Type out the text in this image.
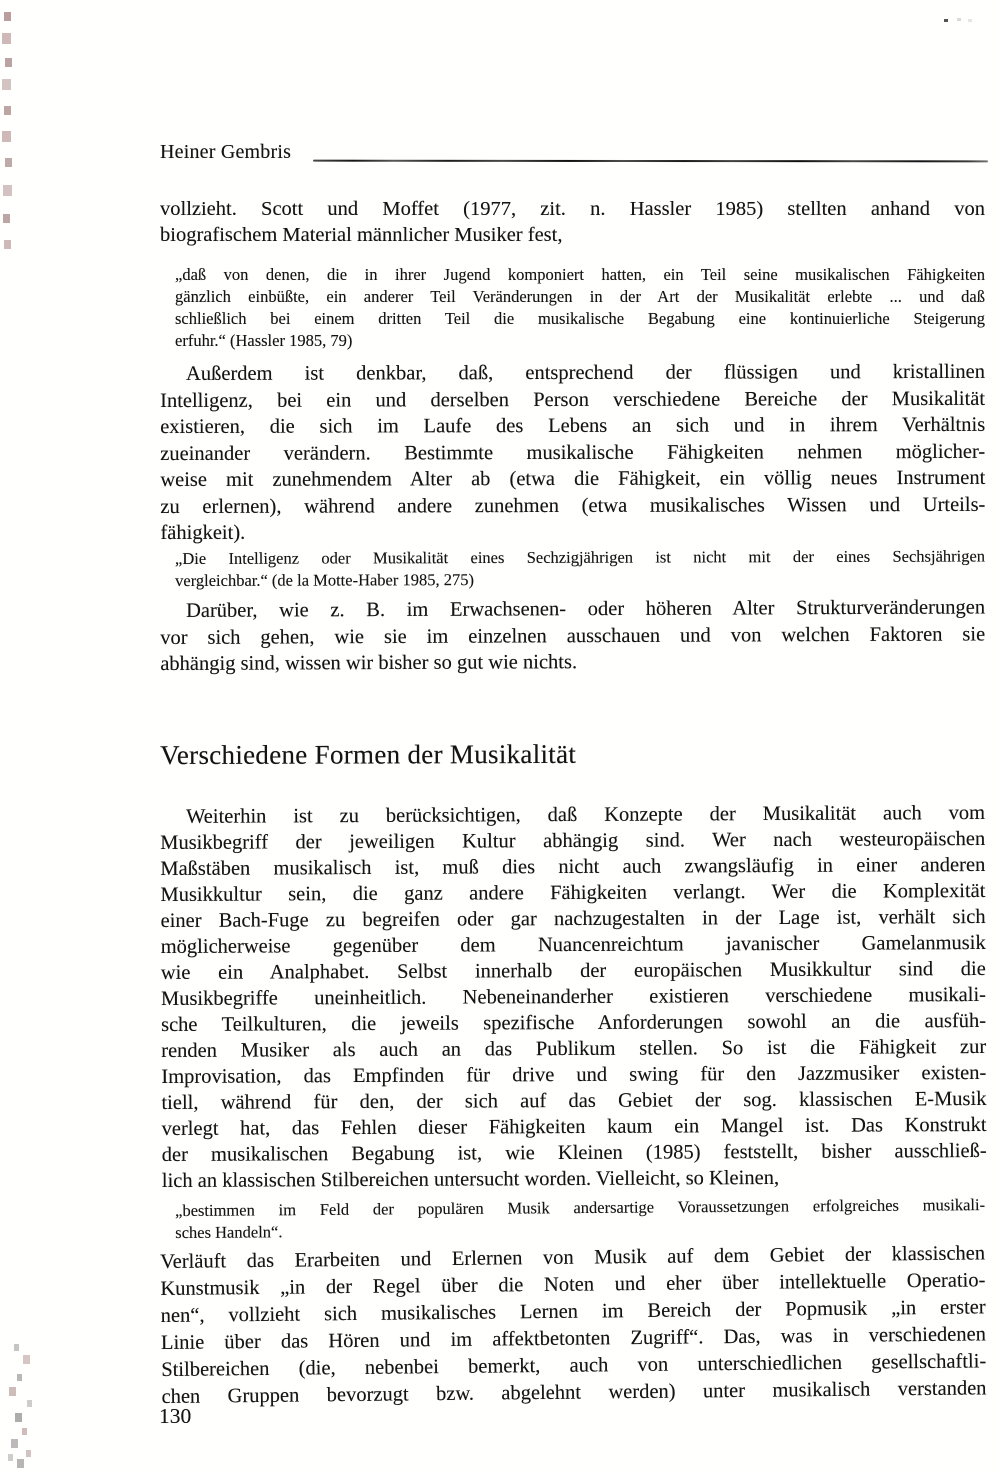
Heiner Gembris
vollzieht. Scott und Moffet (1977, zit. n. Hassler 1985) stellten anhand von
biografischem Material männlicher Musiker fest,
„daß von denen, die in ihrer Jugend komponiert hatten, ein Teil seine musikalischen Fähigkeiten
gänzlich einbüßte, ein anderer Teil Veränderungen in der Art der Musikalität erlebte ... und daß
schließlich bei einem dritten Teil die musikalische Begabung eine kontinuierliche Steigerung
erfuhr.“ (Hassler 1985, 79)
Außerdem ist denkbar, daß, entsprechend der flüssigen und kristallinen
Intelligenz, bei ein und derselben Person verschiedene Bereiche der Musikalität
existieren, die sich im Laufe des Lebens an sich und in ihrem Verhältnis
zueinander verändern. Bestimmte musikalische Fähigkeiten nehmen möglicher-
weise mit zunehmendem Alter ab (etwa die Fähigkeit, ein völlig neues Instrument
zu erlernen), während andere zunehmen (etwa musikalisches Wissen und Urteils-
fähigkeit).
„Die Intelligenz oder Musikalität eines Sechzigjährigen ist nicht mit der eines Sechsjährigen
vergleichbar.“ (de la Motte-Haber 1985, 275)
Darüber, wie z. B. im Erwachsenen- oder höheren Alter Strukturveränderungen
vor sich gehen, wie sie im einzelnen ausschauen und von welchen Faktoren sie
abhängig sind, wissen wir bisher so gut wie nichts.
Verschiedene Formen der Musikalität
Weiterhin ist zu berücksichtigen, daß Konzepte der Musikalität auch vom
Musikbegriff der jeweiligen Kultur abhängig sind. Wer nach westeuropäischen
Maßstäben musikalisch ist, muß dies nicht auch zwangsläufig in einer anderen
Musikkultur sein, die ganz andere Fähigkeiten verlangt. Wer die Komplexität
einer Bach-Fuge zu begreifen oder gar nachzugestalten in der Lage ist, verhält sich
möglicherweise gegenüber dem Nuancenreichtum javanischer Gamelanmusik
wie ein Analphabet. Selbst innerhalb der europäischen Musikkultur sind die
Musikbegriffe uneinheitlich. Nebeneinanderher existieren verschiedene musikali-
sche Teilkulturen, die jeweils spezifische Anforderungen sowohl an die ausfüh-
renden Musiker als auch an das Publikum stellen. So ist die Fähigkeit zur
Improvisation, das Empfinden für drive und swing für den Jazzmusiker existen-
tiell, während für den, der sich auf das Gebiet der sog. klassischen E-Musik
verlegt hat, das Fehlen dieser Fähigkeiten kaum ein Mangel ist. Das Konstrukt
der musikalischen Begabung ist, wie Kleinen (1985) feststellt, bisher ausschließ-
lich an klassischen Stilbereichen untersucht worden. Vielleicht, so Kleinen,
„bestimmen im Feld der populären Musik andersartige Voraussetzungen erfolgreiches musikali-
sches Handeln“.
Verläuft das Erarbeiten und Erlernen von Musik auf dem Gebiet der klassischen
Kunstmusik „in der Regel über die Noten und eher über intellektuelle Operatio-
nen“, vollzieht sich musikalisches Lernen im Bereich der Popmusik „in erster
Linie über das Hören und im affektbetonten Zugriff“. Das, was in verschiedenen
Stilbereichen (die, nebenbei bemerkt, auch von unterschiedlichen gesellschaftli-
chen Gruppen bevorzugt bzw. abgelehnt werden) unter musikalisch verstanden
130
